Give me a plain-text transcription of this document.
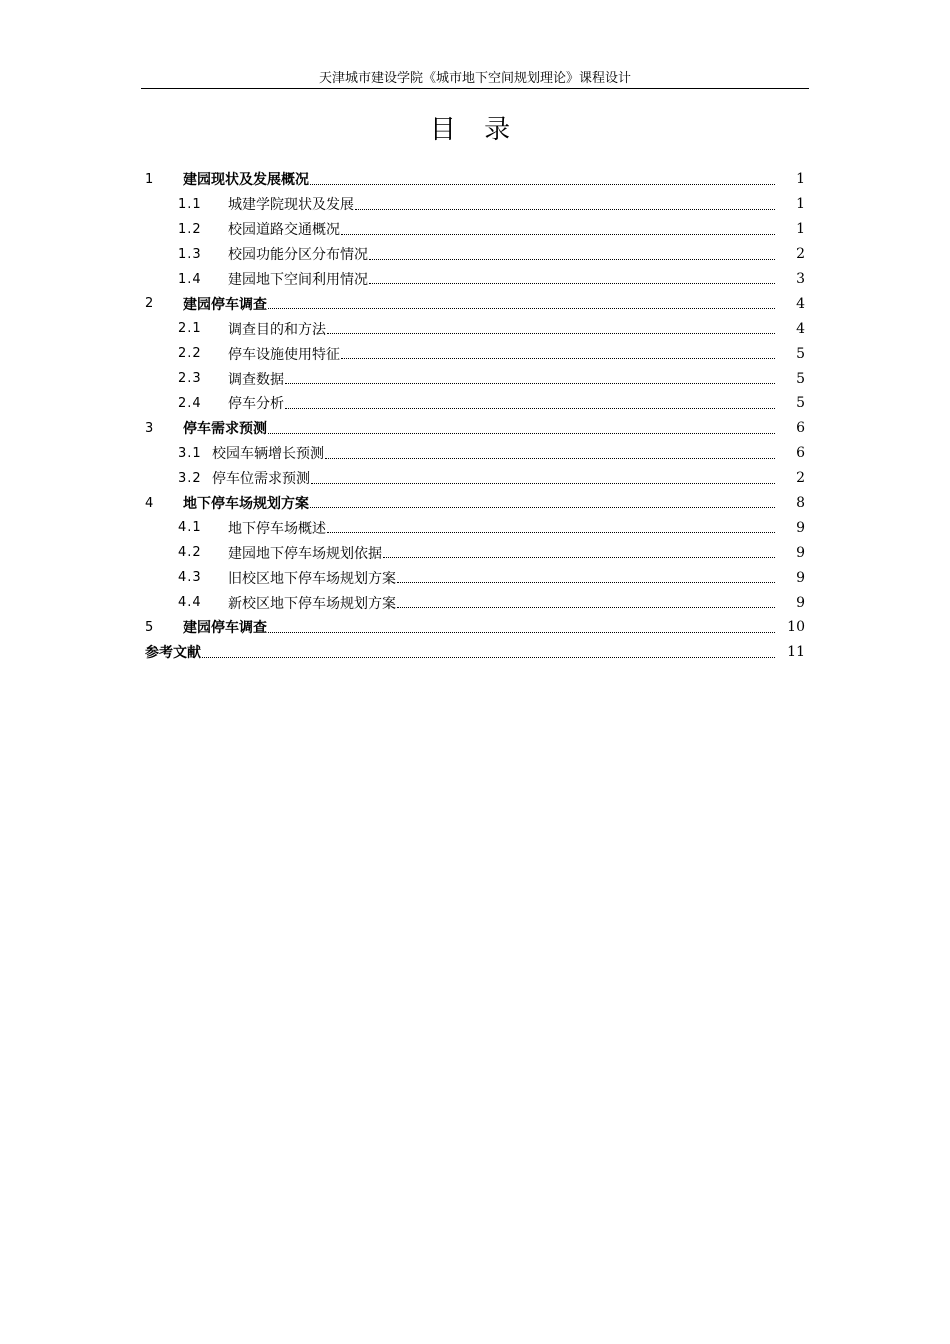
天津城市建设学院《城市地下空间规划理论》课程设计
目 录
1	建园现状及发展概况	1
1.1	城建学院现状及发展	1
1.2	校园道路交通概况	1
1.3	校园功能分区分布情况	2
1.4	建园地下空间利用情况	3
2	建园停车调查	4
2.1	调查目的和方法	4
2.2	停车设施使用特征	5
2.3	调查数据	5
2.4	停车分析	5
3	停车需求预测	6
3.1 校园车辆增长预测	6
3.2 停车位需求预测	2
4	地下停车场规划方案	8
4.1	地下停车场概述	9
4.2	建园地下停车场规划依据	9
4.3	旧校区地下停车场规划方案	9
4.4	新校区地下停车场规划方案	9
5	建园停车调查	10
参考文献	11
